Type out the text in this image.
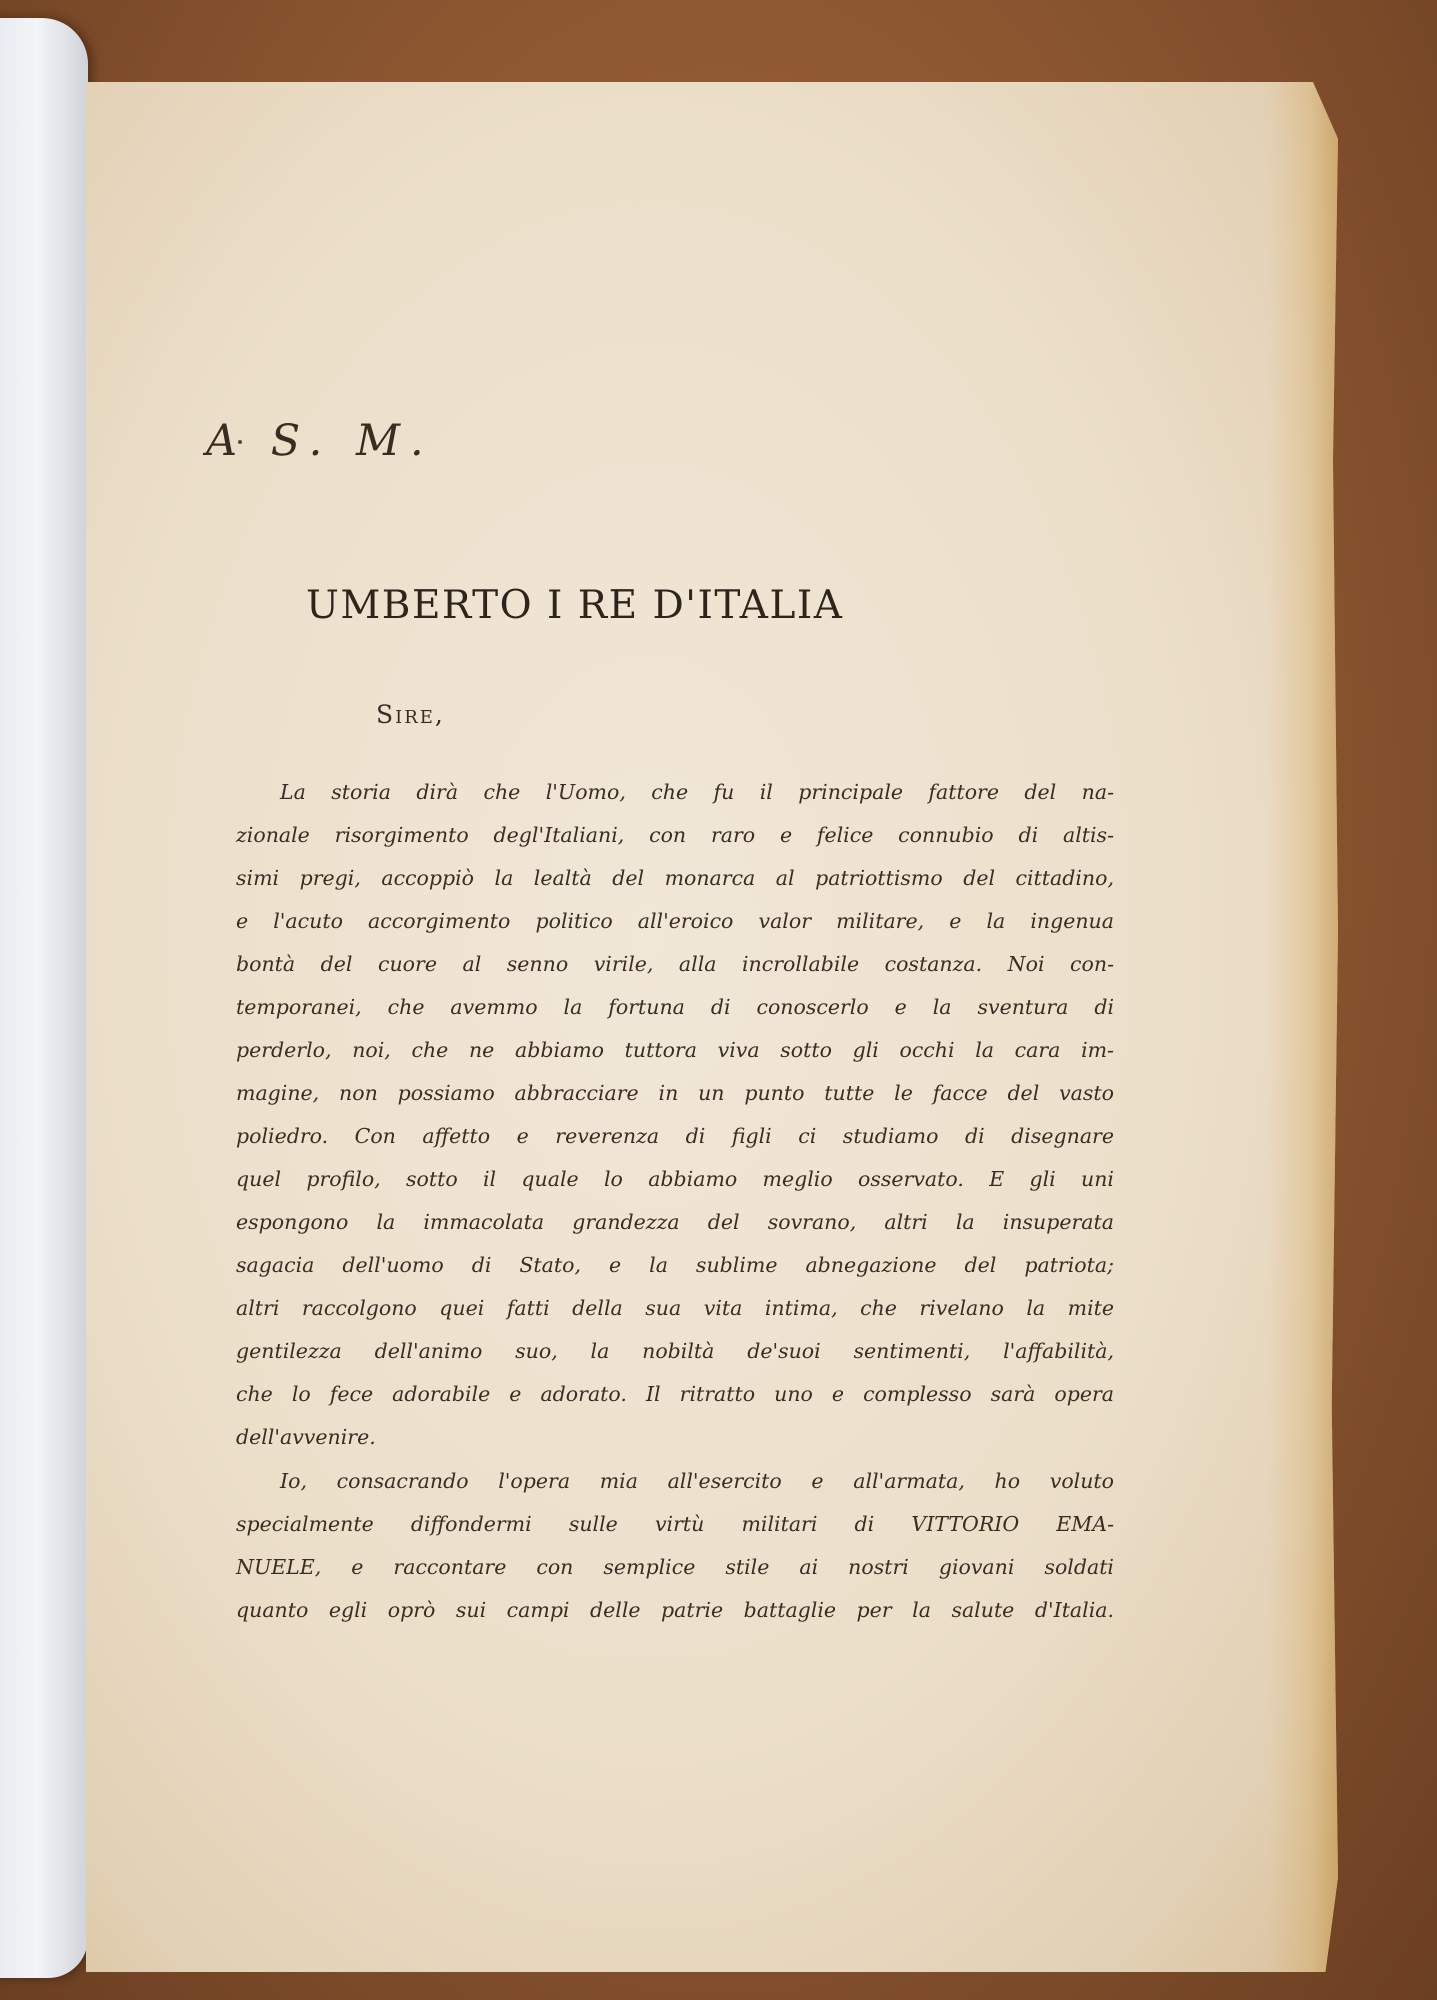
A S. M.
UMBERTO I RE D'ITALIA
Sire,
La storia dirà che l'Uomo, che fu il principale fattore del na-
zionale risorgimento degl'Italiani, con raro e felice connubio di altis-
simi pregi, accoppiò la lealtà del monarca al patriottismo del cittadino,
e l'acuto accorgimento politico all'eroico valor militare, e la ingenua
bontà del cuore al senno virile, alla incrollabile costanza. Noi con-
temporanei, che avemmo la fortuna di conoscerlo e la sventura di
perderlo, noi, che ne abbiamo tuttora viva sotto gli occhi la cara im-
magine, non possiamo abbracciare in un punto tutte le facce del vasto
poliedro. Con affetto e reverenza di figli ci studiamo di disegnare
quel profilo, sotto il quale lo abbiamo meglio osservato. E gli uni
espongono la immacolata grandezza del sovrano, altri la insuperata
sagacia dell'uomo di Stato, e la sublime abnegazione del patriota;
altri raccolgono quei fatti della sua vita intima, che rivelano la mite
gentilezza dell'animo suo, la nobiltà de'suoi sentimenti, l'affabilità,
che lo fece adorabile e adorato. Il ritratto uno e complesso sarà opera
dell'avvenire.
Io, consacrando l'opera mia all'esercito e all'armata, ho voluto
specialmente diffondermi sulle virtù militari di VITTORIO EMA-
NUELE, e raccontare con semplice stile ai nostri giovani soldati
quanto egli oprò sui campi delle patrie battaglie per la salute d'Italia.
